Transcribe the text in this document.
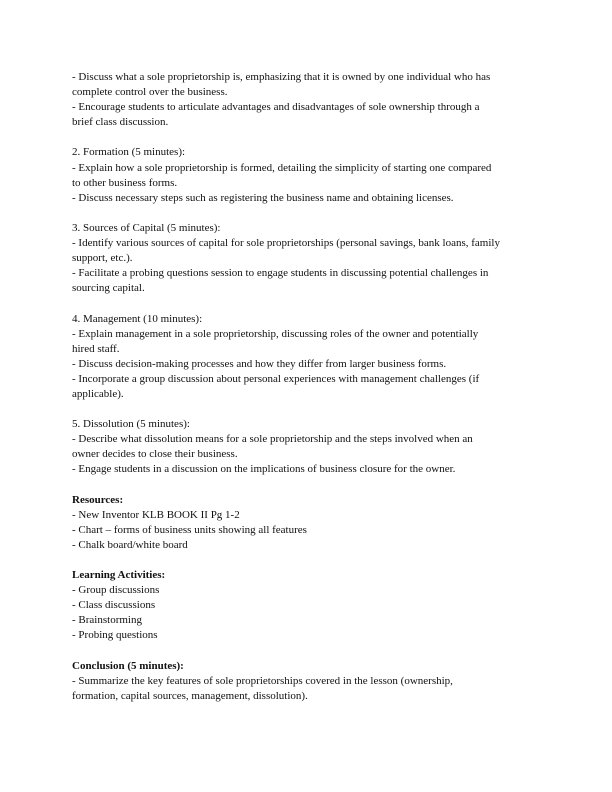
- Discuss what a sole proprietorship is, emphasizing that it is owned by one individual who has
complete control over the business.
- Encourage students to articulate advantages and disadvantages of sole ownership through a
brief class discussion.
2. Formation (5 minutes):
- Explain how a sole proprietorship is formed, detailing the simplicity of starting one compared
to other business forms.
- Discuss necessary steps such as registering the business name and obtaining licenses.
3. Sources of Capital (5 minutes):
- Identify various sources of capital for sole proprietorships (personal savings, bank loans, family
support, etc.).
- Facilitate a probing questions session to engage students in discussing potential challenges in
sourcing capital.
4. Management (10 minutes):
- Explain management in a sole proprietorship, discussing roles of the owner and potentially
hired staff.
- Discuss decision-making processes and how they differ from larger business forms.
- Incorporate a group discussion about personal experiences with management challenges (if
applicable).
5. Dissolution (5 minutes):
- Describe what dissolution means for a sole proprietorship and the steps involved when an
owner decides to close their business.
- Engage students in a discussion on the implications of business closure for the owner.
Resources:
- New Inventor KLB BOOK II Pg 1-2
- Chart – forms of business units showing all features
- Chalk board/white board
Learning Activities:
- Group discussions
- Class discussions
- Brainstorming
- Probing questions
Conclusion (5 minutes):
- Summarize the key features of sole proprietorships covered in the lesson (ownership,
formation, capital sources, management, dissolution).
